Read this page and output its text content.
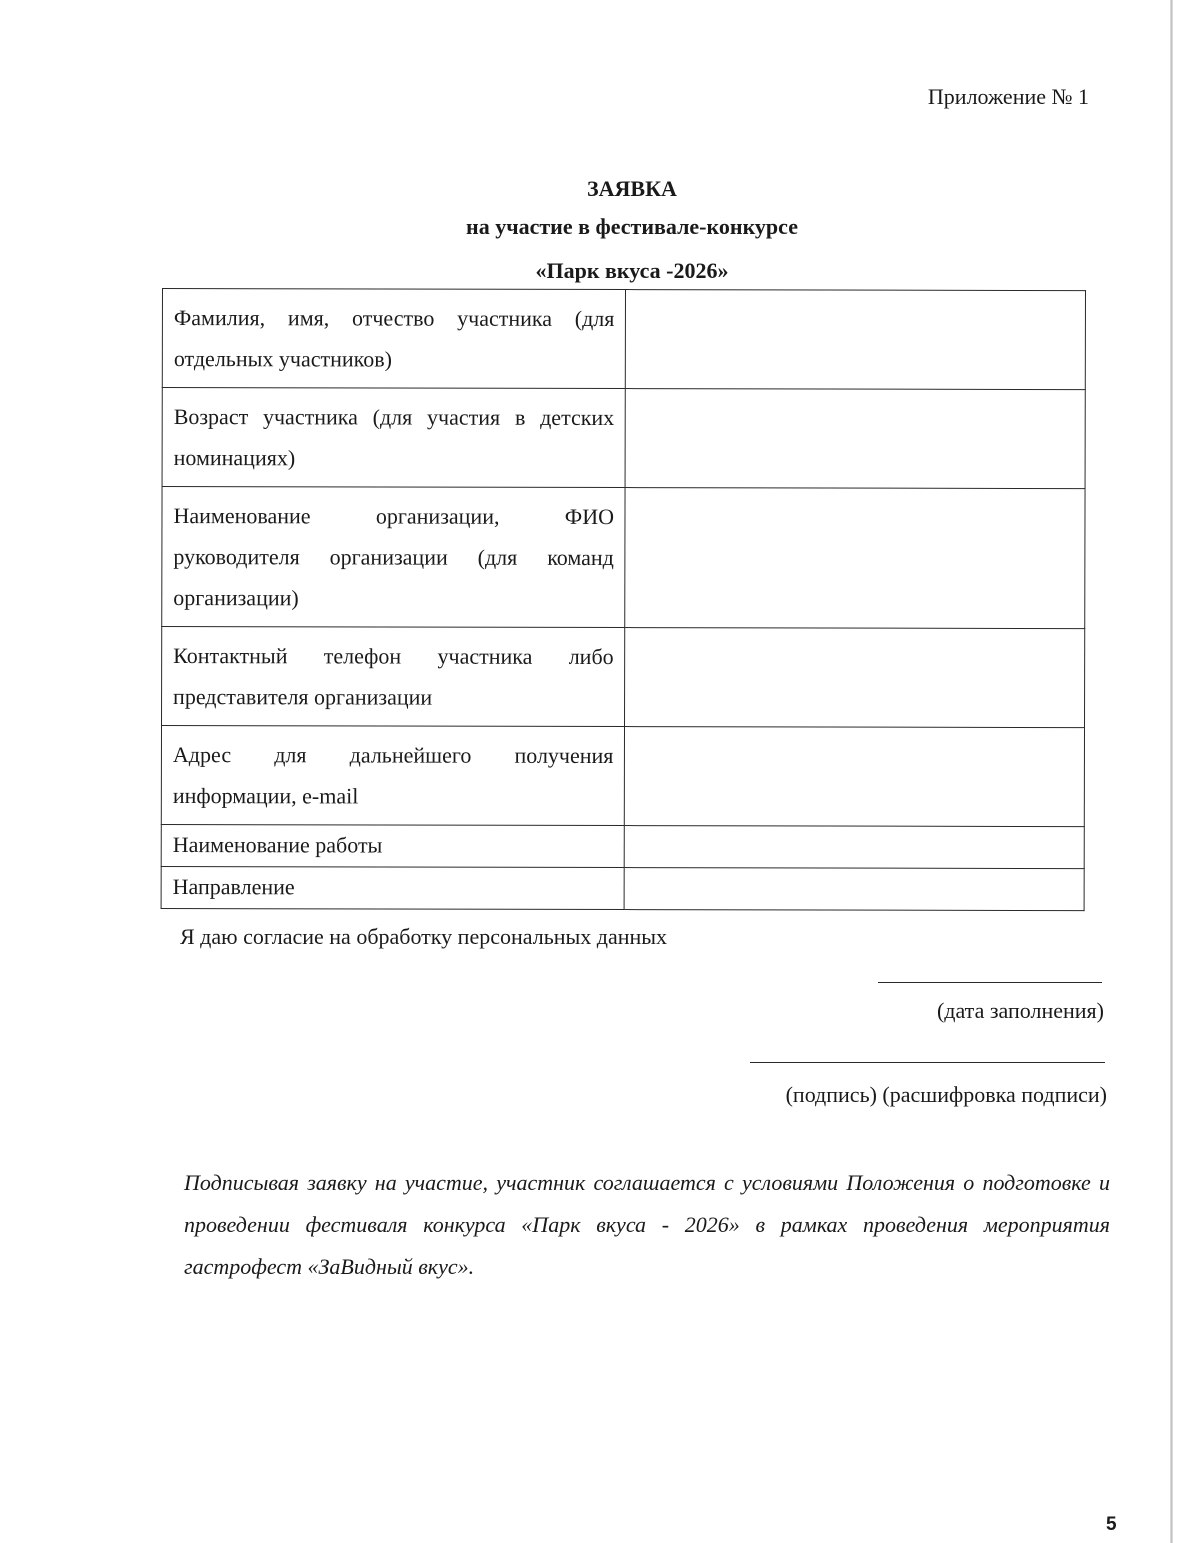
Приложение № 1
ЗАЯВКА
на участие в фестивале-конкурсе
«Парк вкуса -2026»
Фамилия, имя, отчество участника (для отдельных участников)	
Возраст участника (для участия в детских номинациях)	
Наименование организации, ФИО руководителя организации (для команд организации)	
Контактный телефон участника либо представителя организации	
Адрес для дальнейшего получения информации, e-mail	
Наименование работы	
Направление	
Я даю согласие на обработку персональных данных
(дата заполнения)
(подпись) (расшифровка подписи)
Подписывая заявку на участие, участник соглашается с условиями Положения о подготовке и проведении фестиваля конкурса «Парк вкуса - 2026» в рамках проведения мероприятия гастрофест «ЗаВидный вкус».
5
